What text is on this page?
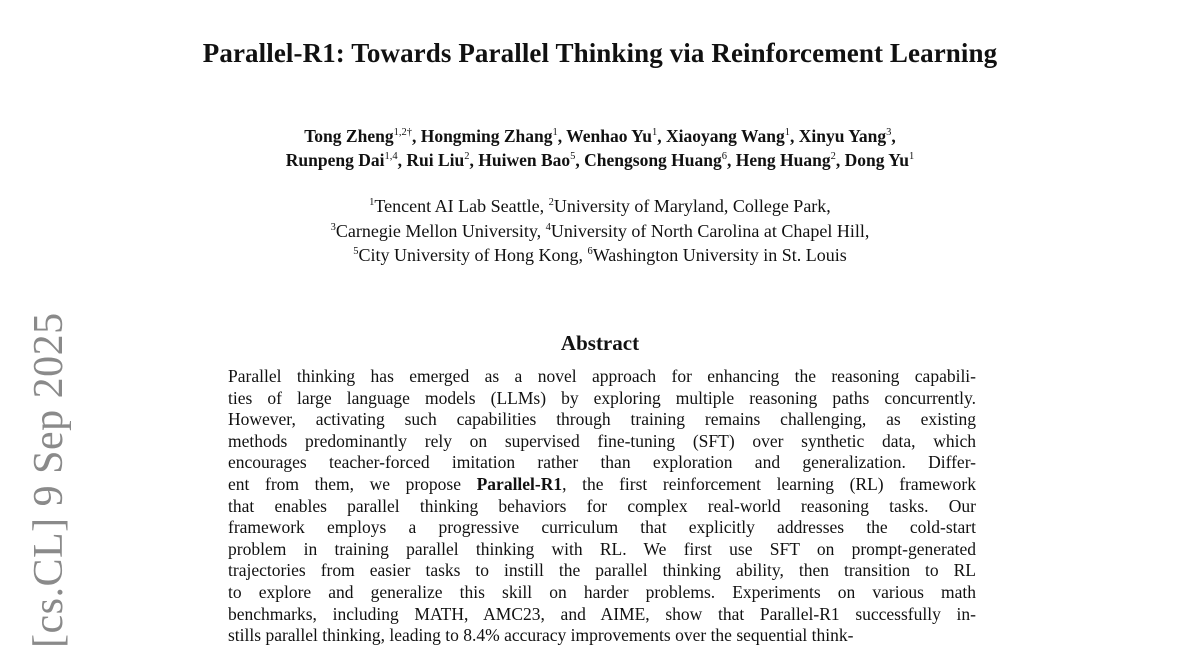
Parallel-R1: Towards Parallel Thinking via Reinforcement Learning
Tong Zheng$^{1,2\dagger}$, Hongming Zhang$^1$, Wenhao Yu$^1$, Xiaoyang Wang$^1$, Xinyu Yang$^3$,
Runpeng Dai$^{1,4}$, Rui Liu$^2$, Huiwen Bao$^5$, Chengsong Huang$^6$, Heng Huang$^2$, Dong Yu$^1$
$^1$Tencent AI Lab Seattle, $^2$University of Maryland, College Park,
$^3$Carnegie Mellon University, $^4$University of North Carolina at Chapel Hill,
$^5$City University of Hong Kong, $^6$Washington University in St. Louis
Abstract
Parallel thinking has emerged as a novel approach for enhancing the reasoning capabili-
ties of large language models (LLMs) by exploring multiple reasoning paths concurrently.
However, activating such capabilities through training remains challenging, as existing
methods predominantly rely on supervised fine-tuning (SFT) over synthetic data, which
encourages teacher-forced imitation rather than exploration and generalization. Differ-
ent from them, we propose Parallel-R1, the first reinforcement learning (RL) framework
that enables parallel thinking behaviors for complex real-world reasoning tasks. Our
framework employs a progressive curriculum that explicitly addresses the cold-start
problem in training parallel thinking with RL. We first use SFT on prompt-generated
trajectories from easier tasks to instill the parallel thinking ability, then transition to RL
to explore and generalize this skill on harder problems. Experiments on various math
benchmarks, including MATH, AMC23, and AIME, show that Parallel-R1 successfully in-
stills parallel thinking, leading to 8.4% accuracy improvements over the sequential think-
[cs.CL] 9 Sep 2025
